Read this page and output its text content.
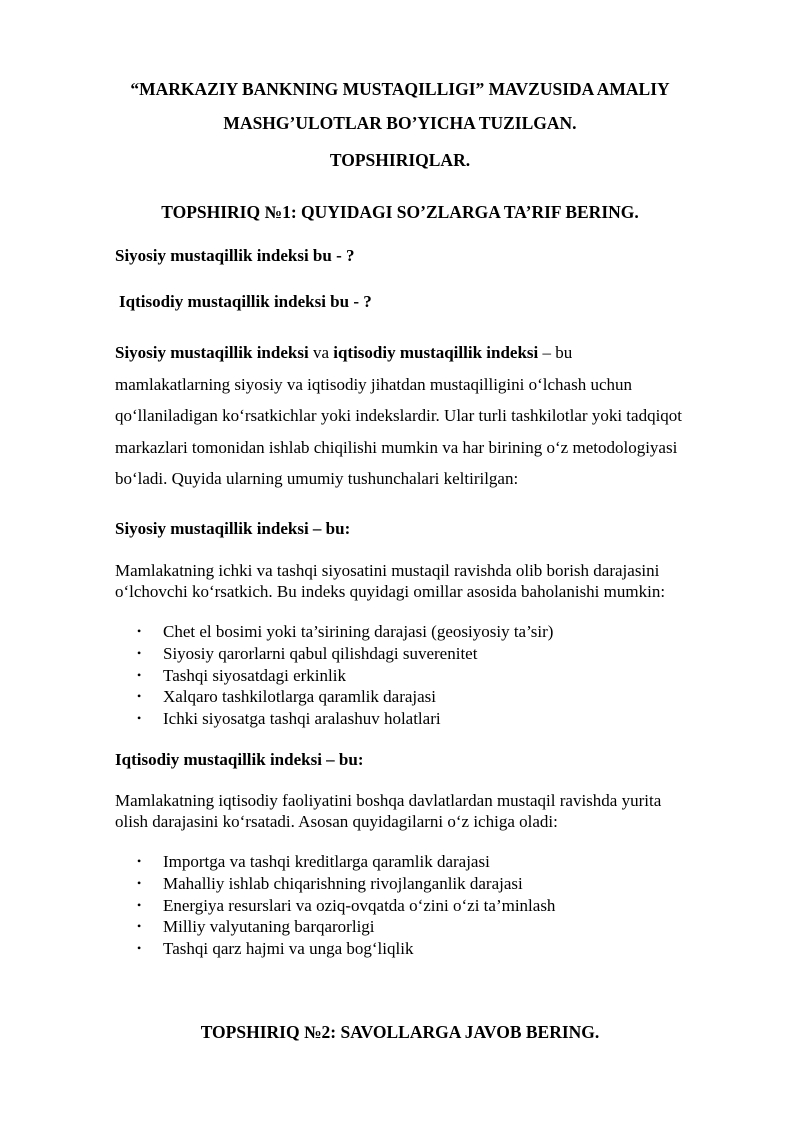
“MARKAZIY BANKNING MUSTAQILLIGI” MAVZUSIDA AMALIY
MASHG’ULOTLAR BO’YICHA TUZILGAN.
TOPSHIRIQLAR.
TOPSHIRIQ №1: QUYIDAGI SO’ZLARGA TA’RIF BERING.
Siyosiy mustaqillik indeksi bu - ?
Iqtisodiy mustaqillik indeksi bu - ?
Siyosiy mustaqillik indeksi va iqtisodiy mustaqillik indeksi – bu
mamlakatlarning siyosiy va iqtisodiy jihatdan mustaqilligini o‘lchash uchun
qo‘llaniladigan ko‘rsatkichlar yoki indekslardir. Ular turli tashkilotlar yoki tadqiqot
markazlari tomonidan ishlab chiqilishi mumkin va har birining o‘z metodologiyasi
bo‘ladi. Quyida ularning umumiy tushunchalari keltirilgan:
Siyosiy mustaqillik indeksi – bu:
Mamlakatning ichki va tashqi siyosatini mustaqil ravishda olib borish darajasini
o‘lchovchi ko‘rsatkich. Bu indeks quyidagi omillar asosida baholanishi mumkin:
• Chet el bosimi yoki ta’sirining darajasi (geosiyosiy ta’sir)
• Siyosiy qarorlarni qabul qilishdagi suverenitet
• Tashqi siyosatdagi erkinlik
• Xalqaro tashkilotlarga qaramlik darajasi
• Ichki siyosatga tashqi aralashuv holatlari
Iqtisodiy mustaqillik indeksi – bu:
Mamlakatning iqtisodiy faoliyatini boshqa davlatlardan mustaqil ravishda yurita
olish darajasini ko‘rsatadi. Asosan quyidagilarni o‘z ichiga oladi:
• Importga va tashqi kreditlarga qaramlik darajasi
• Mahalliy ishlab chiqarishning rivojlanganlik darajasi
• Energiya resurslari va oziq-ovqatda o‘zini o‘zi ta’minlash
• Milliy valyutaning barqarorligi
• Tashqi qarz hajmi va unga bog‘liqlik
TOPSHIRIQ №2: SAVOLLARGA JAVOB BERING.
